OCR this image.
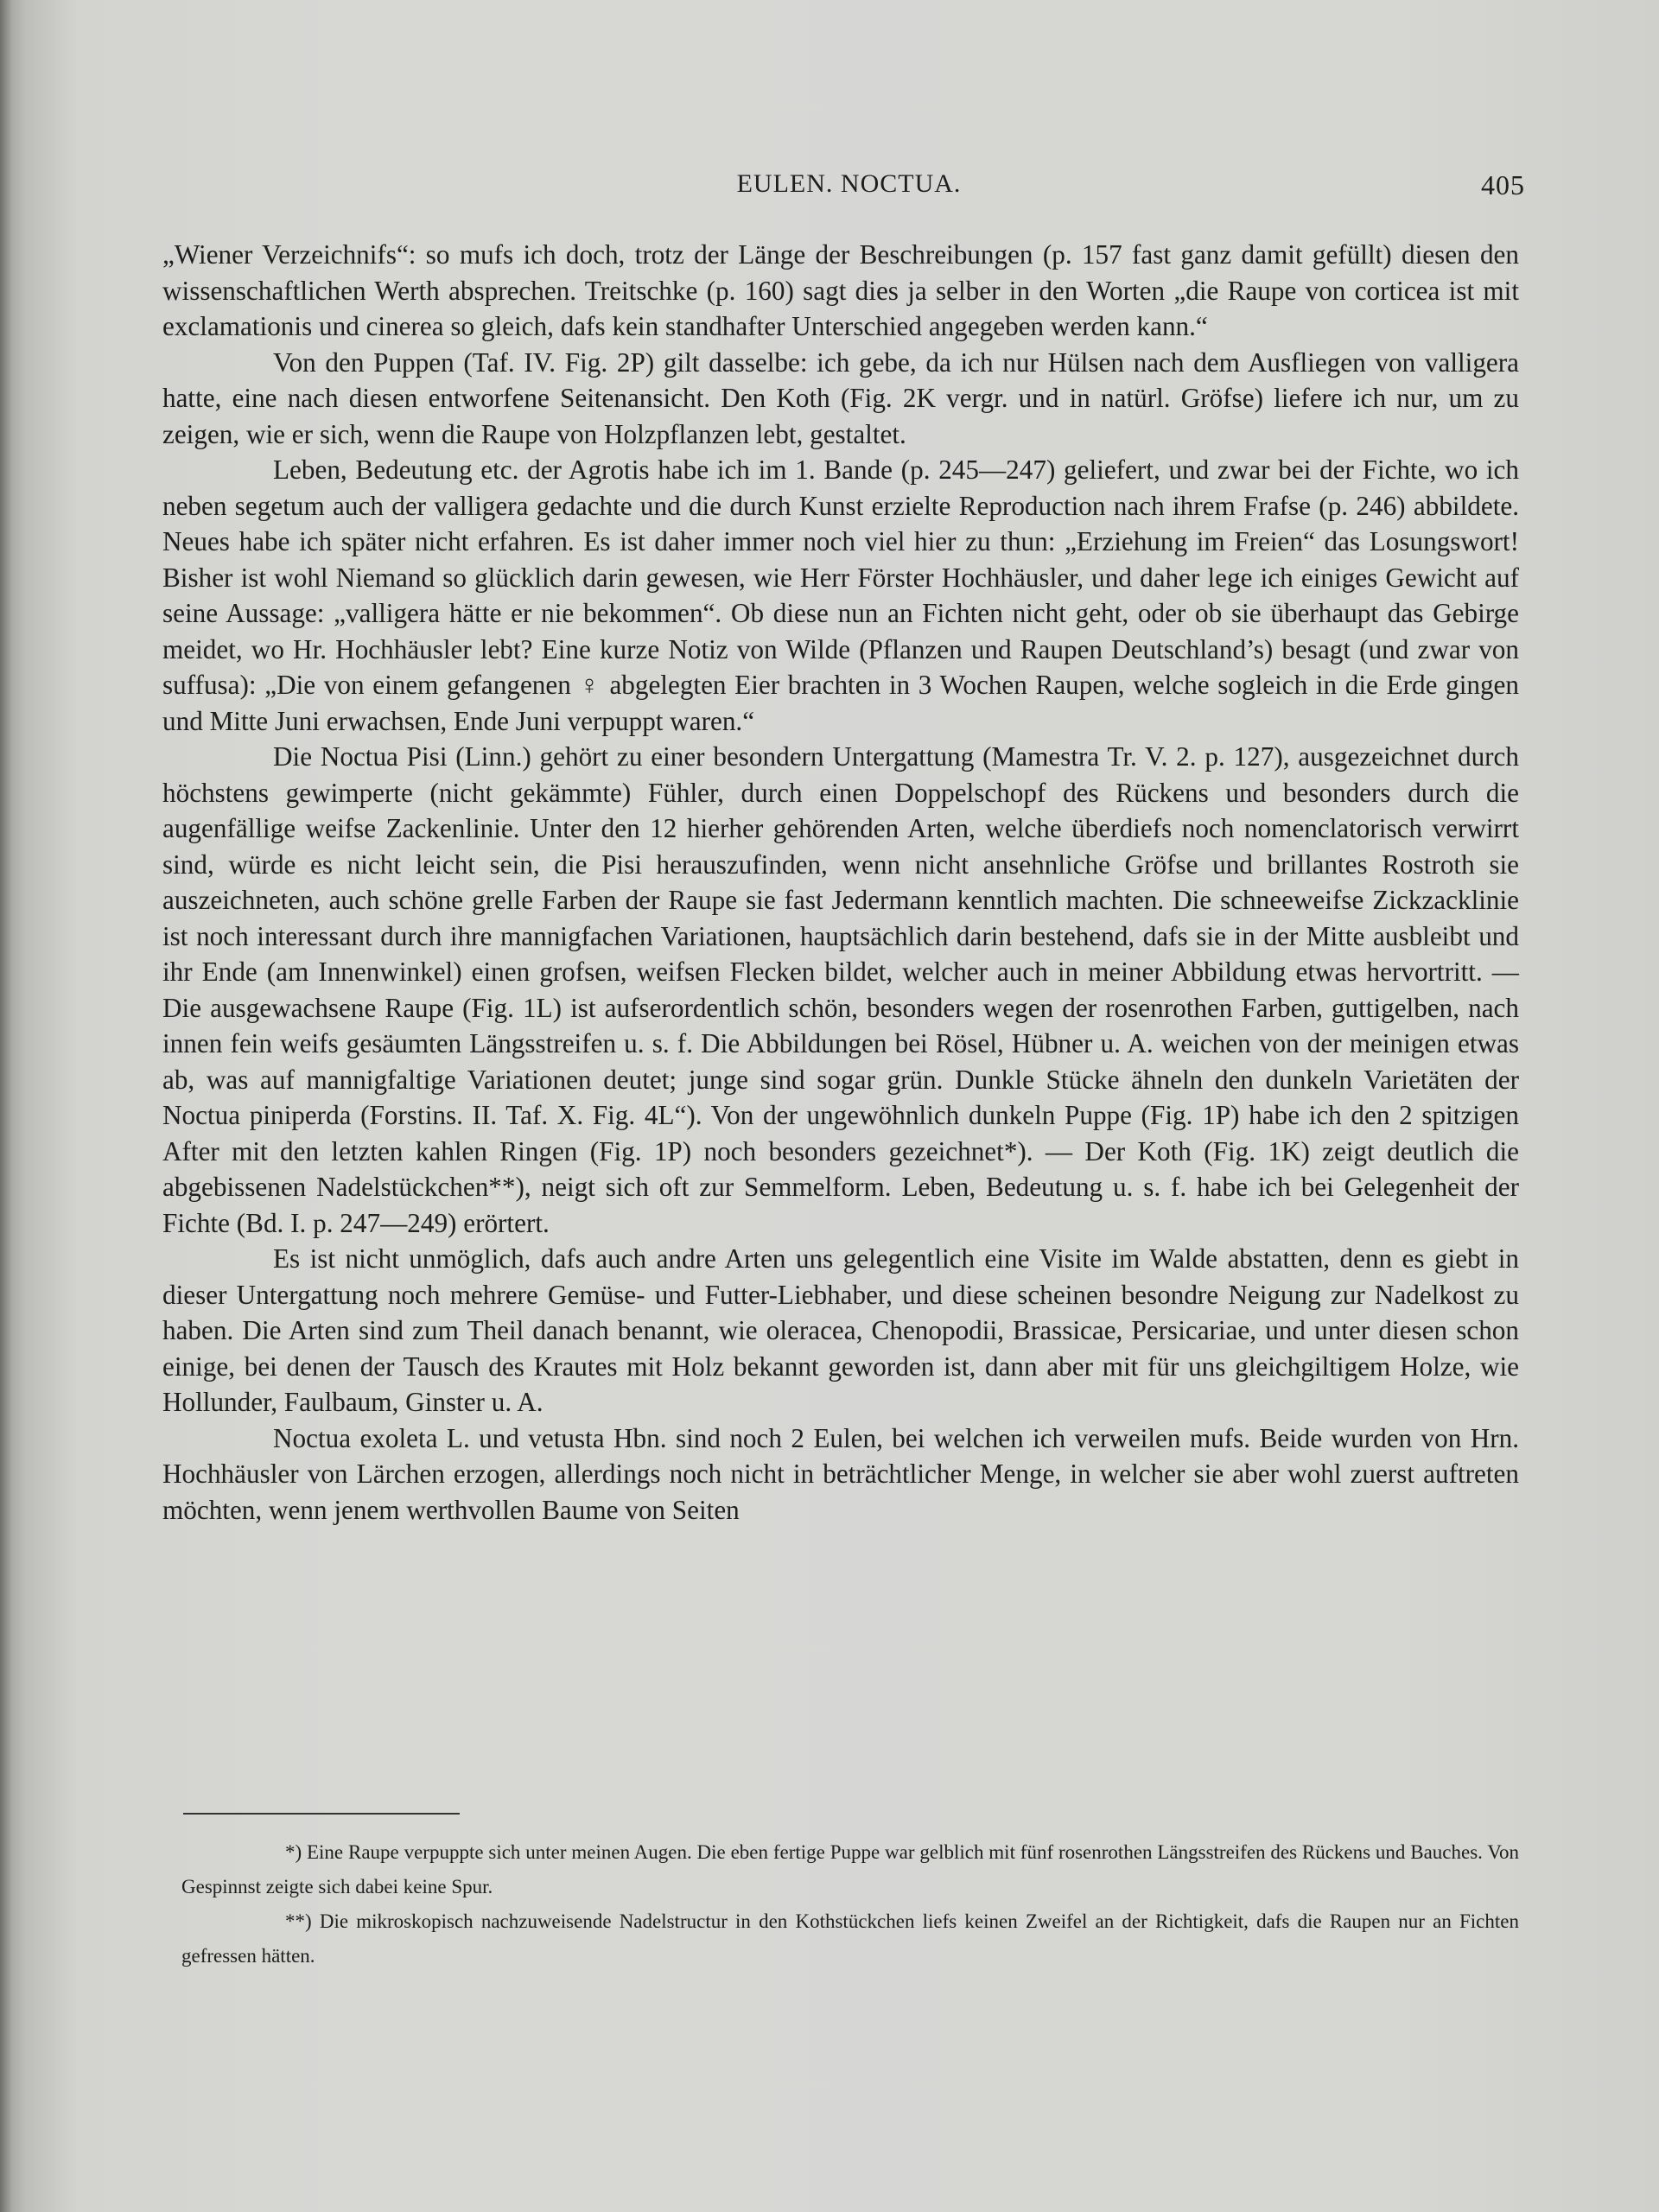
EULEN. NOCTUA.	405

„Wiener Verzeichnifs“: so mufs ich doch, trotz der Länge der Beschreibungen (p. 157 fast ganz damit gefüllt) diesen den wissenschaftlichen Werth absprechen. Treitschke (p. 160) sagt dies ja selber in den Worten „die Raupe von corticea ist mit exclamationis und cinerea so gleich, dafs kein standhafter Unterschied angegeben werden kann.“

Von den Puppen (Taf. IV. Fig. 2P) gilt dasselbe: ich gebe, da ich nur Hülsen nach dem Ausfliegen von valligera hatte, eine nach diesen entworfene Seitenansicht. Den Koth (Fig. 2K vergr. und in natürl. Gröfse) liefere ich nur, um zu zeigen, wie er sich, wenn die Raupe von Holzpflanzen lebt, gestaltet.

Leben, Bedeutung etc. der Agrotis habe ich im 1. Bande (p. 245—247) geliefert, und zwar bei der Fichte, wo ich neben segetum auch der valligera gedachte und die durch Kunst erzielte Reproduction nach ihrem Frafse (p. 246) abbildete. Neues habe ich später nicht erfahren. Es ist daher immer noch viel hier zu thun: „Erziehung im Freien“ das Losungswort! Bisher ist wohl Niemand so glücklich darin gewesen, wie Herr Förster Hochhäusler, und daher lege ich einiges Gewicht auf seine Aussage: „valligera hätte er nie bekommen“. Ob diese nun an Fichten nicht geht, oder ob sie überhaupt das Gebirge meidet, wo Hr. Hochhäusler lebt? Eine kurze Notiz von Wilde (Pflanzen und Raupen Deutschland’s) besagt (und zwar von suffusa): „Die von einem gefangenen ♀ abgelegten Eier brachten in 3 Wochen Raupen, welche sogleich in die Erde gingen und Mitte Juni erwachsen, Ende Juni verpuppt waren.“

Die Noctua Pisi (Linn.) gehört zu einer besondern Untergattung (Mamestra Tr. V. 2. p. 127), ausgezeichnet durch höchstens gewimperte (nicht gekämmte) Fühler, durch einen Doppelschopf des Rückens und besonders durch die augenfällige weifse Zackenlinie. Unter den 12 hierher gehörenden Arten, welche überdiefs noch nomenclatorisch verwirrt sind, würde es nicht leicht sein, die Pisi herauszufinden, wenn nicht ansehnliche Gröfse und brillantes Rostroth sie auszeichneten, auch schöne grelle Farben der Raupe sie fast Jedermann kenntlich machten. Die schneeweifse Zickzacklinie ist noch interessant durch ihre mannigfachen Variationen, hauptsächlich darin bestehend, dafs sie in der Mitte ausbleibt und ihr Ende (am Innenwinkel) einen grofsen, weifsen Flecken bildet, welcher auch in meiner Abbildung etwas hervortritt. — Die ausgewachsene Raupe (Fig. 1L) ist aufserordentlich schön, besonders wegen der rosenrothen Farben, guttigelben, nach innen fein weifs gesäumten Längsstreifen u. s. f. Die Abbildungen bei Rösel, Hübner u. A. weichen von der meinigen etwas ab, was auf mannigfaltige Variationen deutet; junge sind sogar grün. Dunkle Stücke ähneln den dunkeln Varietäten der Noctua piniperda (Forstins. II. Taf. X. Fig. 4L“). Von der ungewöhnlich dunkeln Puppe (Fig. 1P) habe ich den 2 spitzigen After mit den letzten kahlen Ringen (Fig. 1P) noch besonders gezeichnet*). — Der Koth (Fig. 1K) zeigt deutlich die abgebissenen Nadelstückchen**), neigt sich oft zur Semmelform. Leben, Bedeutung u. s. f. habe ich bei Gelegenheit der Fichte (Bd. I. p. 247—249) erörtert.

Es ist nicht unmöglich, dafs auch andre Arten uns gelegentlich eine Visite im Walde abstatten, denn es giebt in dieser Untergattung noch mehrere Gemüse- und Futter-Liebhaber, und diese scheinen besondre Neigung zur Nadelkost zu haben. Die Arten sind zum Theil danach benannt, wie oleracea, Chenopodii, Brassicae, Persicariae, und unter diesen schon einige, bei denen der Tausch des Krautes mit Holz bekannt geworden ist, dann aber mit für uns gleichgiltigem Holze, wie Hollunder, Faulbaum, Ginster u. A.

Noctua exoleta L. und vetusta Hbn. sind noch 2 Eulen, bei welchen ich verweilen mufs. Beide wurden von Hrn. Hochhäusler von Lärchen erzogen, allerdings noch nicht in beträchtlicher Menge, in welcher sie aber wohl zuerst auftreten möchten, wenn jenem werthvollen Baume von Seiten

*) Eine Raupe verpuppte sich unter meinen Augen. Die eben fertige Puppe war gelblich mit fünf rosenrothen Längsstreifen des Rückens und Bauches. Von Gespinnst zeigte sich dabei keine Spur.

**) Die mikroskopisch nachzuweisende Nadelstructur in den Kothstückchen liefs keinen Zweifel an der Richtigkeit, dafs die Raupen nur an Fichten gefressen hätten.
